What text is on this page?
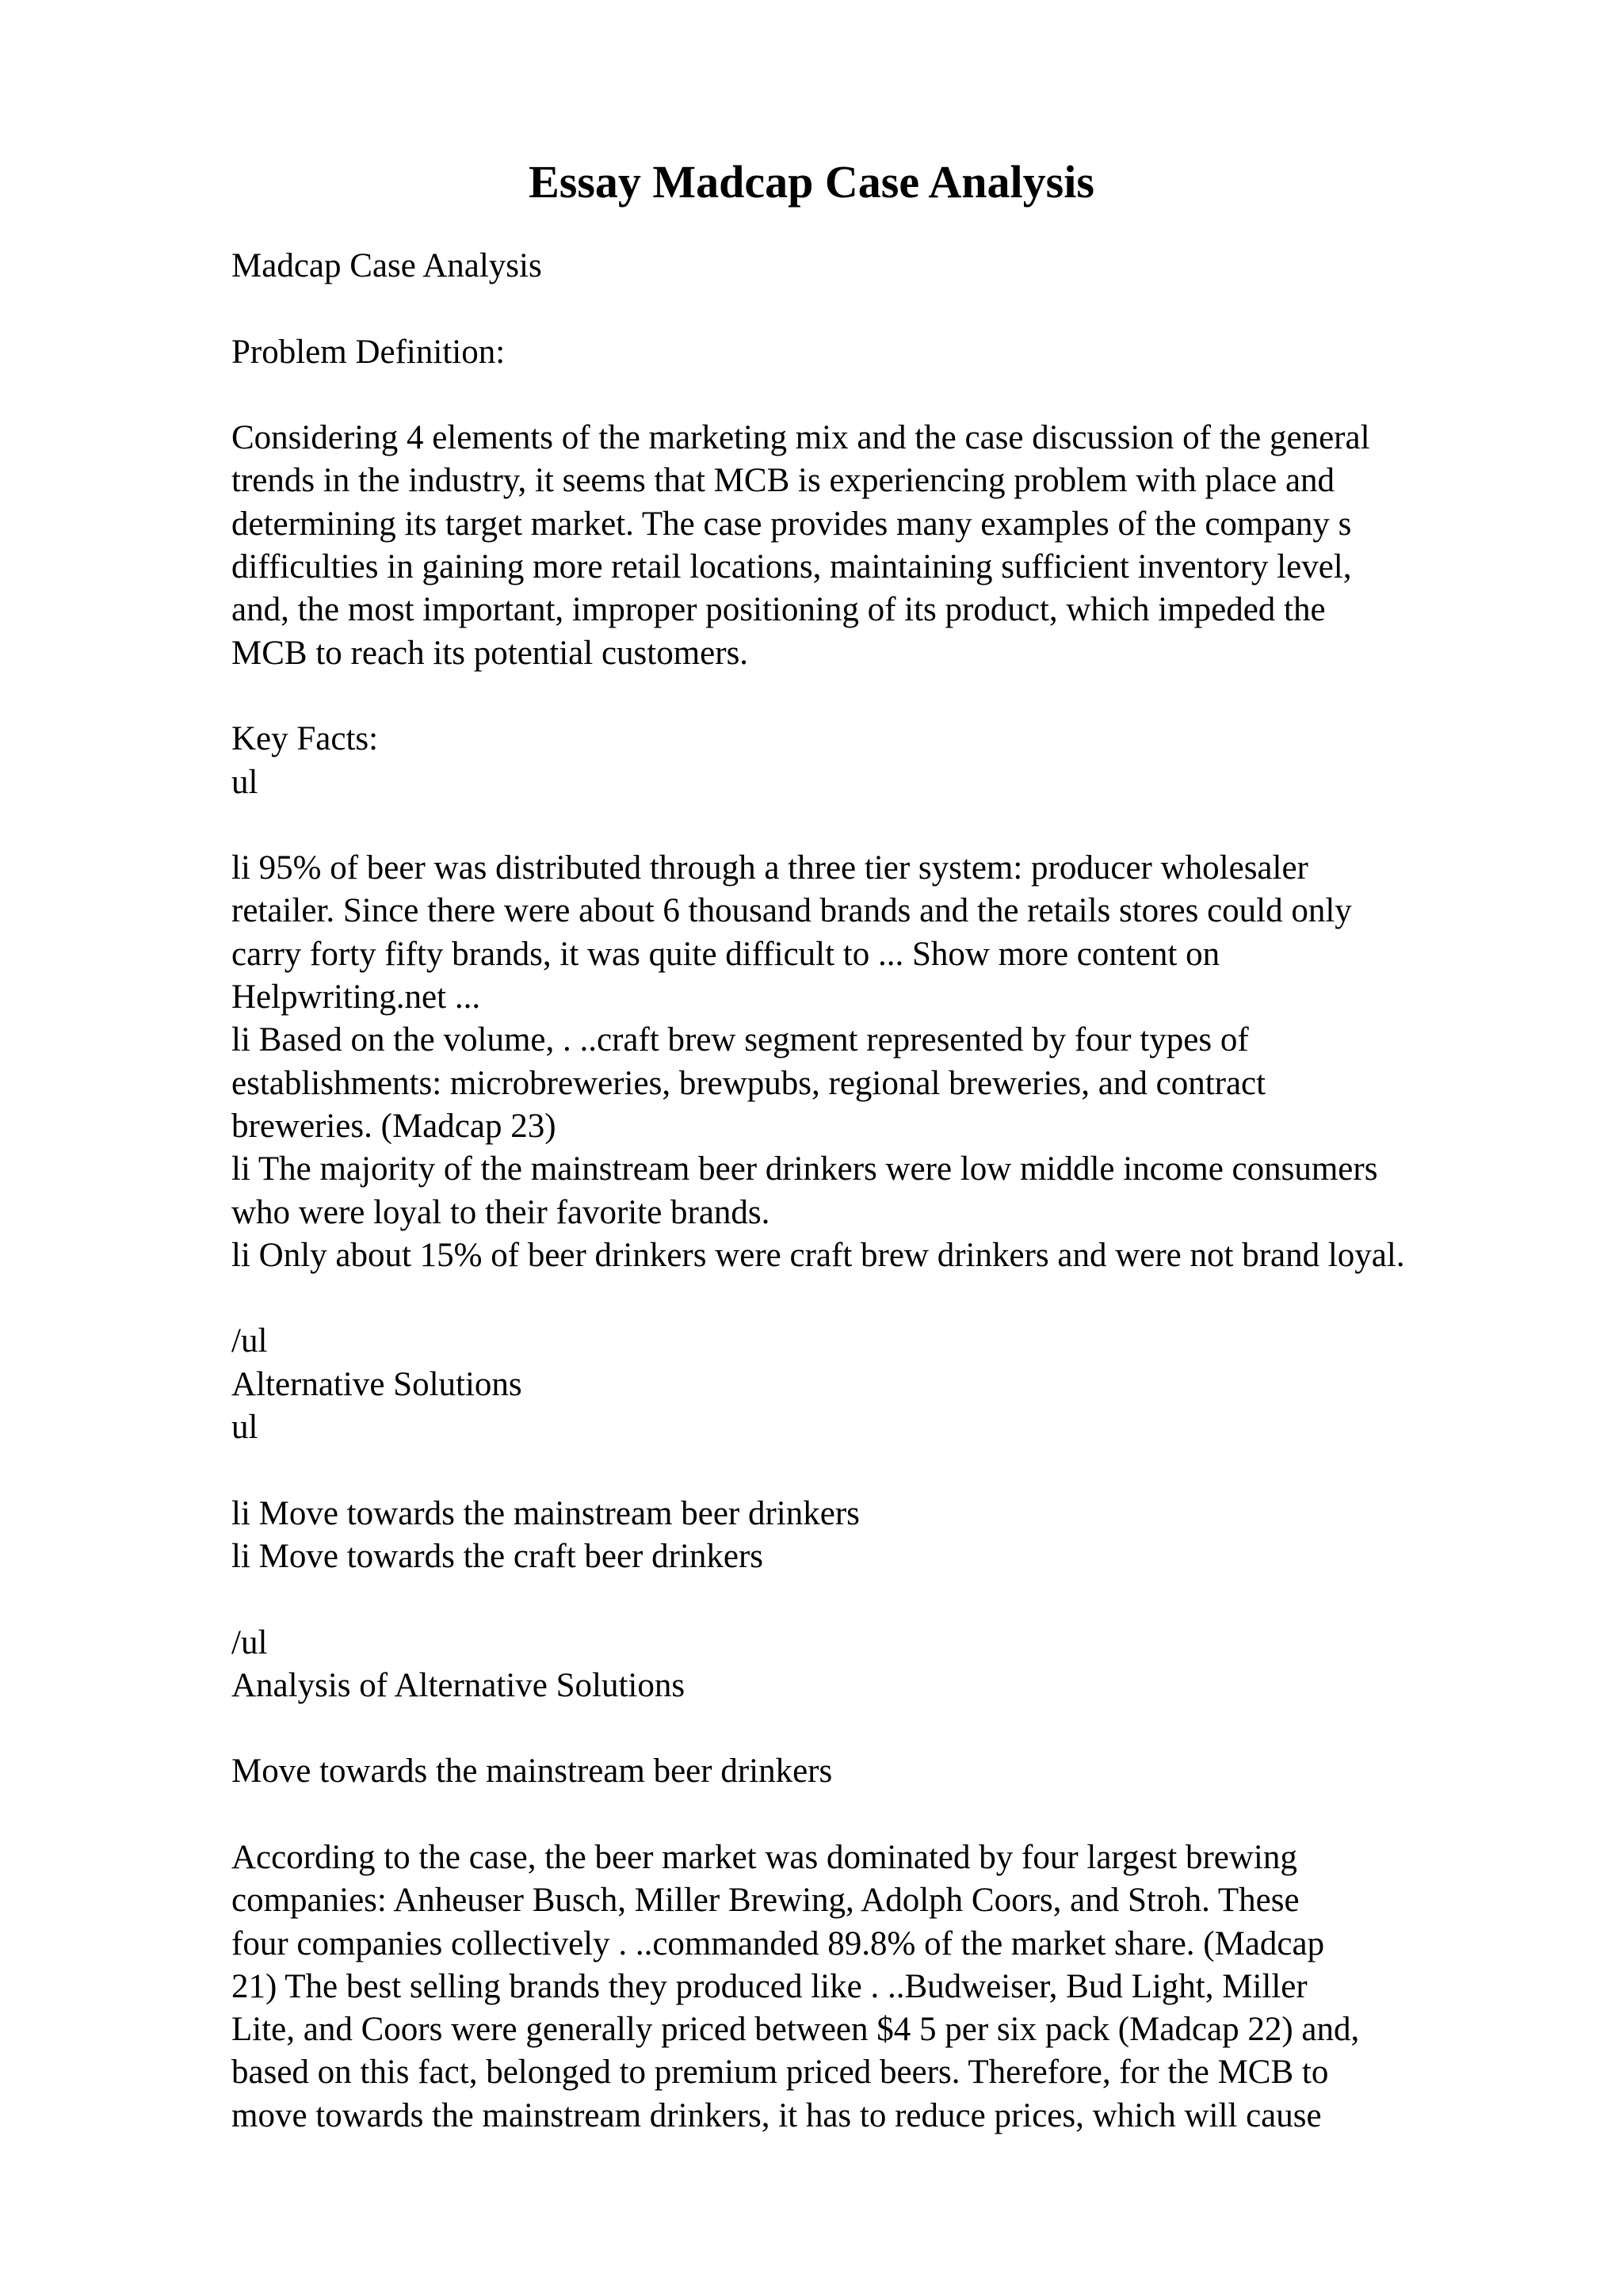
Essay Madcap Case Analysis
Madcap Case Analysis
Problem Definition:
Considering 4 elements of the marketing mix and the case discussion of the general
trends in the industry, it seems that MCB is experiencing problem with place and
determining its target market. The case provides many examples of the company s
difficulties in gaining more retail locations, maintaining sufficient inventory level,
and, the most important, improper positioning of its product, which impeded the
MCB to reach its potential customers.
Key Facts:
ul
li 95% of beer was distributed through a three tier system: producer wholesaler
retailer. Since there were about 6 thousand brands and the retails stores could only
carry forty fifty brands, it was quite difficult to ... Show more content on
Helpwriting.net ...
li Based on the volume, . ..craft brew segment represented by four types of
establishments: microbreweries, brewpubs, regional breweries, and contract
breweries. (Madcap 23)
li The majority of the mainstream beer drinkers were low middle income consumers
who were loyal to their favorite brands.
li Only about 15% of beer drinkers were craft brew drinkers and were not brand loyal.
/ul
Alternative Solutions
ul
li Move towards the mainstream beer drinkers
li Move towards the craft beer drinkers
/ul
Analysis of Alternative Solutions
Move towards the mainstream beer drinkers
According to the case, the beer market was dominated by four largest brewing
companies: Anheuser Busch, Miller Brewing, Adolph Coors, and Stroh. These
four companies collectively . ..commanded 89.8% of the market share. (Madcap
21) The best selling brands they produced like . ..Budweiser, Bud Light, Miller
Lite, and Coors were generally priced between $4 5 per six pack (Madcap 22) and,
based on this fact, belonged to premium priced beers. Therefore, for the MCB to
move towards the mainstream drinkers, it has to reduce prices, which will cause
